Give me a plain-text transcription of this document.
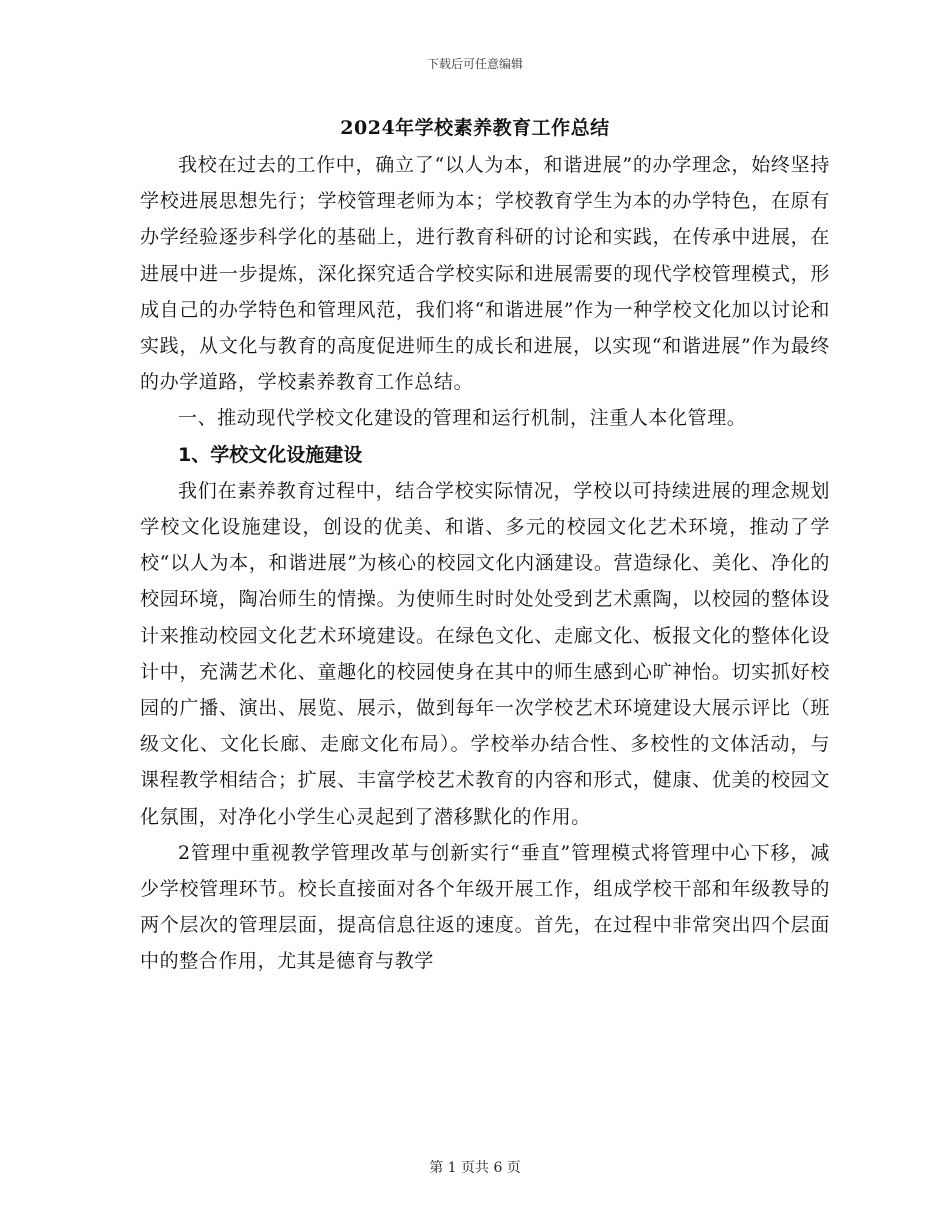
下载后可任意编辑
2024年学校素养教育工作总结

我校在过去的工作中，确立了“以人为本，和谐进展”的办学理念，始终坚持学校进展思想先行；学校管理老师为本；学校教育学生为本的办学特色，在原有办学经验逐步科学化的基础上，进行教育科研的讨论和实践，在传承中进展，在进展中进一步提炼，深化探究适合学校实际和进展需要的现代学校管理模式，形成自己的办学特色和管理风范，我们将“和谐进展”作为一种学校文化加以讨论和实践，从文化与教育的高度促进师生的成长和进展，以实现“和谐进展”作为最终的办学道路，学校素养教育工作总结。

一、推动现代学校文化建设的管理和运行机制，注重人本化管理。

1、学校文化设施建设

我们在素养教育过程中，结合学校实际情况，学校以可持续进展的理念规划学校文化设施建设，创设的优美、和谐、多元的校园文化艺术环境，推动了学校“以人为本，和谐进展”为核心的校园文化内涵建设。营造绿化、美化、净化的校园环境，陶冶师生的情操。为使师生时时处处受到艺术熏陶，以校园的整体设计来推动校园文化艺术环境建设。在绿色文化、走廊文化、板报文化的整体化设计中，充满艺术化、童趣化的校园使身在其中的师生感到心旷神怡。切实抓好校园的广播、演出、展览、展示，做到每年一次学校艺术环境建设大展示评比（班级文化、文化长廊、走廊文化布局）。学校举办结合性、多校性的文体活动，与课程教学相结合；扩展、丰富学校艺术教育的内容和形式，健康、优美的校园文化氛围，对净化小学生心灵起到了潜移默化的作用。

2管理中重视教学管理改革与创新实行“垂直”管理模式将管理中心下移，减少学校管理环节。校长直接面对各个年级开展工作，组成学校干部和年级教导的两个层次的管理层面，提高信息往返的速度。首先，在过程中非常突出四个层面中的整合作用，尤其是德育与教学

第 1 页共 6 页
